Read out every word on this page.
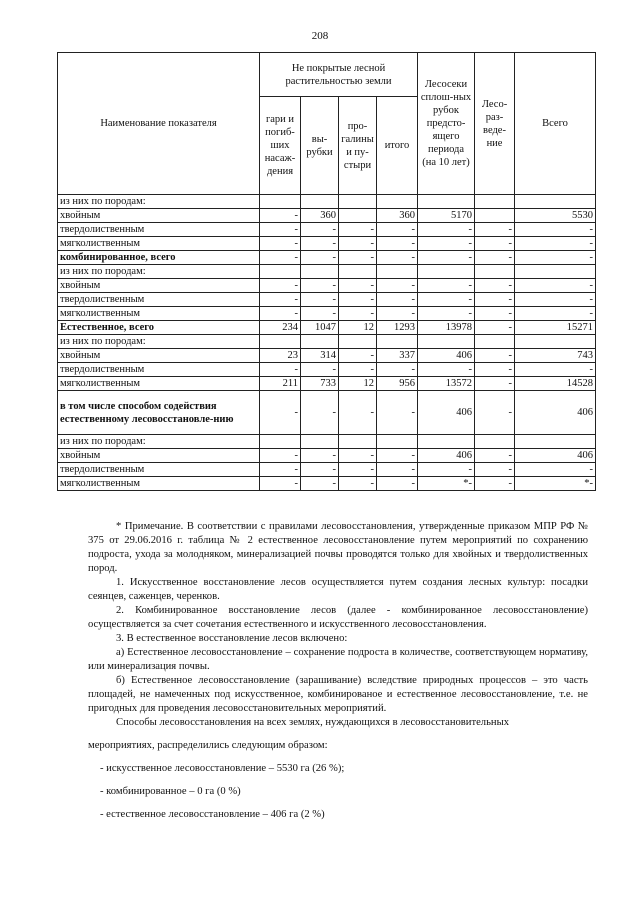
208
Наименование показателя	Не покрытые лесной растительностью земли				Лесосеки сплош-ных рубок предсто-ящего периода (на 10 лет)	Лесо-раз-веде-ние	Всего
	гари и погиб-ших насаж-дения	вы-рубки	про-галины и пу-стыри	итого			
из них по породам:							
хвойным	-	360		360	5170		5530
твердолиственным	-	-	-	-	-	-	-
мягколиственным	-	-	-	-	-	-	-
комбинированное, всего	-	-	-	-	-	-	-
из них по породам:							
хвойным	-	-	-	-	-	-	-
твердолиственным	-	-	-	-	-	-	-
мягколиственным	-	-	-	-	-	-	-
Естественное, всего	234	1047	12	1293	13978	-	15271
из них по породам:							
хвойным	23	314	-	337	406	-	743
твердолиственным	-	-	-	-	-	-	-
мягколиственным	211	733	12	956	13572	-	14528
в том числе способом содействия естественному лесовосстановле-нию	-	-	-	-	406	-	406
из них по породам:							
хвойным	-	-	-	-	406	-	406
твердолиственным	-	-	-	-	-	-	-
мягколиственным	-	-	-	-	*-	-	*-

* Примечание. В соответствии с правилами лесовосстановления, утвержденные приказом МПР РФ № 375 от 29.06.2016 г. таблица № 2 естественное лесовосстановление путем мероприятий по сохранению подроста, ухода за молодняком, минерализацией почвы проводятся только для хвойных и твердолиственных пород.

1. Искусственное восстановление лесов осуществляется путем создания лесных культур: посадки сеянцев, саженцев, черенков.

2. Комбинированное восстановление лесов (далее - комбинированное лесовосстановление) осуществляется за счет сочетания естественного и искусственного лесовосстановления.

3. В естественное восстановление лесов включено:

а) Естественное лесовосстановление – сохранение подроста в количестве, соответствующем нормативу, или минерализация почвы.

б) Естественное лесовосстановление (зарашивание) вследствие природных процессов – это часть площадей, не намеченных под искусственное, комбинированое и естественное лесовосстановление, т.е. не пригодных для проведения лесовосстановительных мероприятий.

Способы лесовосстановления на всех землях, нуждающихся в лесовосстановительных

мероприятиях, распределились следующим образом:

- искусственное лесовосстановление – 5530 га (26 %);

- комбинированное – 0 га (0 %)

- естественное лесовосстановление – 406 га (2 %)
